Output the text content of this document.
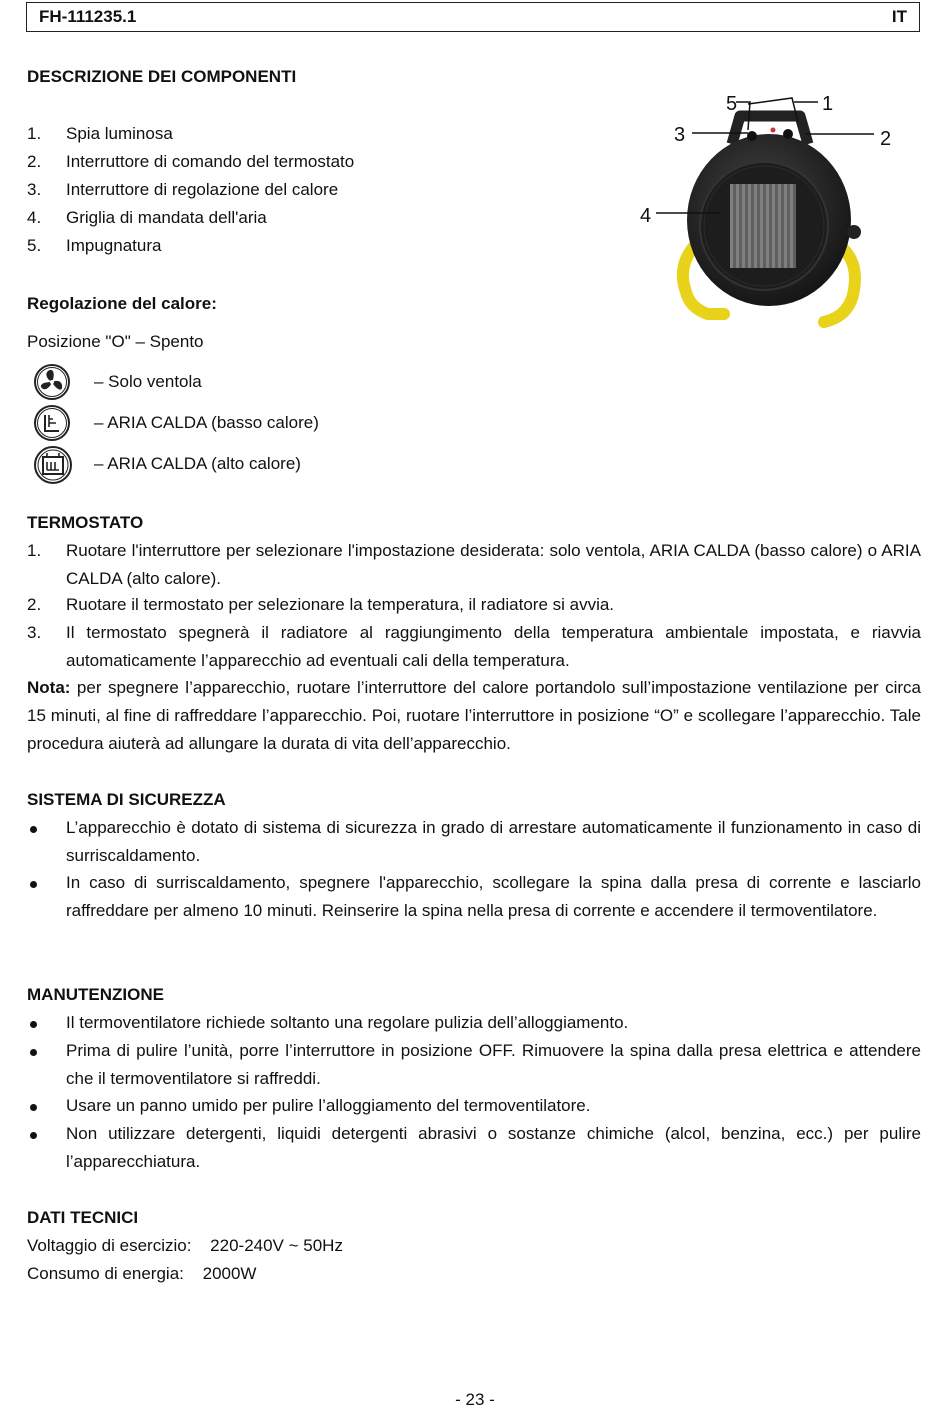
FH-111235.1	IT
DESCRIZIONE DEI COMPONENTI
1. Spia luminosa
2. Interruttore di comando del termostato
3. Interruttore di regolazione del calore
4. Griglia di mandata dell'aria
5. Impugnatura
5	1
3	2
4
Regolazione del calore:
Posizione "O" – Spento
– Solo ventola
– ARIA CALDA (basso calore)
– ARIA CALDA (alto calore)
TERMOSTATO
1. Ruotare l'interruttore per selezionare l'impostazione desiderata: solo ventola, ARIA CALDA (basso calore) o ARIA CALDA (alto calore).
2. Ruotare il termostato per selezionare la temperatura, il radiatore si avvia.
3. Il termostato spegnerà il radiatore al raggiungimento della temperatura ambientale impostata, e riavvia automaticamente l’apparecchio ad eventuali cali della temperatura.
Nota: per spegnere l’apparecchio, ruotare l’interruttore del calore portandolo sull’impostazione ventilazione per circa 15 minuti, al fine di raffreddare l’apparecchio. Poi, ruotare l’interruttore in posizione “O” e scollegare l’apparecchio. Tale procedura aiuterà ad allungare la durata di vita dell’apparecchio.
SISTEMA DI SICUREZZA
L’apparecchio è dotato di sistema di sicurezza in grado di arrestare automaticamente il funzionamento in caso di surriscaldamento.
In caso di surriscaldamento, spegnere l'apparecchio, scollegare la spina dalla presa di corrente e lasciarlo raffreddare per almeno 10 minuti. Reinserire la spina nella presa di corrente e accendere il termoventilatore.
MANUTENZIONE
Il termoventilatore richiede soltanto una regolare pulizia dell’alloggiamento.
Prima di pulire l’unità, porre l’interruttore in posizione OFF. Rimuovere la spina dalla presa elettrica e attendere che il termoventilatore si raffreddi.
Usare un panno umido per pulire l’alloggiamento del termoventilatore.
Non utilizzare detergenti, liquidi detergenti abrasivi o sostanze chimiche (alcol, benzina, ecc.) per pulire l’apparecchiatura.
DATI TECNICI
Voltaggio di esercizio: 220-240V ~ 50Hz
Consumo di energia: 2000W
- 23 -
